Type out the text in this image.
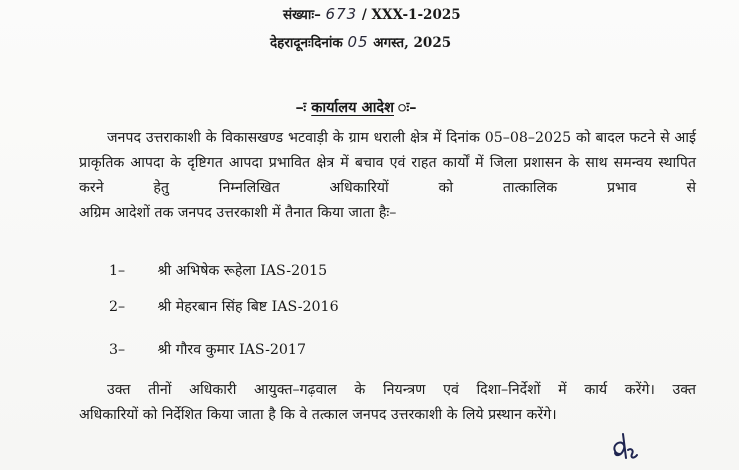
संख्याः– 673 / XXX-1-2025
देहरादूनःदिनांक 05 अगस्त, 2025
–ः कार्यालय आदेश ः–
जनपद उत्तराकाशी के विकासखण्ड भटवाड़ी के ग्राम धराली क्षेत्र में दिनांक 05–08–2025 को बादल फटने से आई प्राकृतिक आपदा के दृष्टिगत आपदा प्रभावित क्षेत्र में बचाव एवं राहत कार्यों में जिला प्रशासन के साथ समन्वय स्थापित करने हेतु निम्नलिखित अधिकारियों को तात्कालिक प्रभाव से
अग्रिम आदेशों तक जनपद उत्तरकाशी में तैनात किया जाता हैः–
1– श्री अभिषेक रूहेला IAS-2015
2– श्री मेहरबान सिंह बिष्ट IAS-2016
3– श्री गौरव कुमार IAS-2017
उक्त तीनों अधिकारी आयुक्त–गढ़वाल के नियन्त्रण एवं दिशा–निर्देशों में कार्य करेंगे। उक्त
अधिकारियों को निर्देशित किया जाता है कि वे तत्काल जनपद उत्तरकाशी के लिये प्रस्थान करेंगे।
